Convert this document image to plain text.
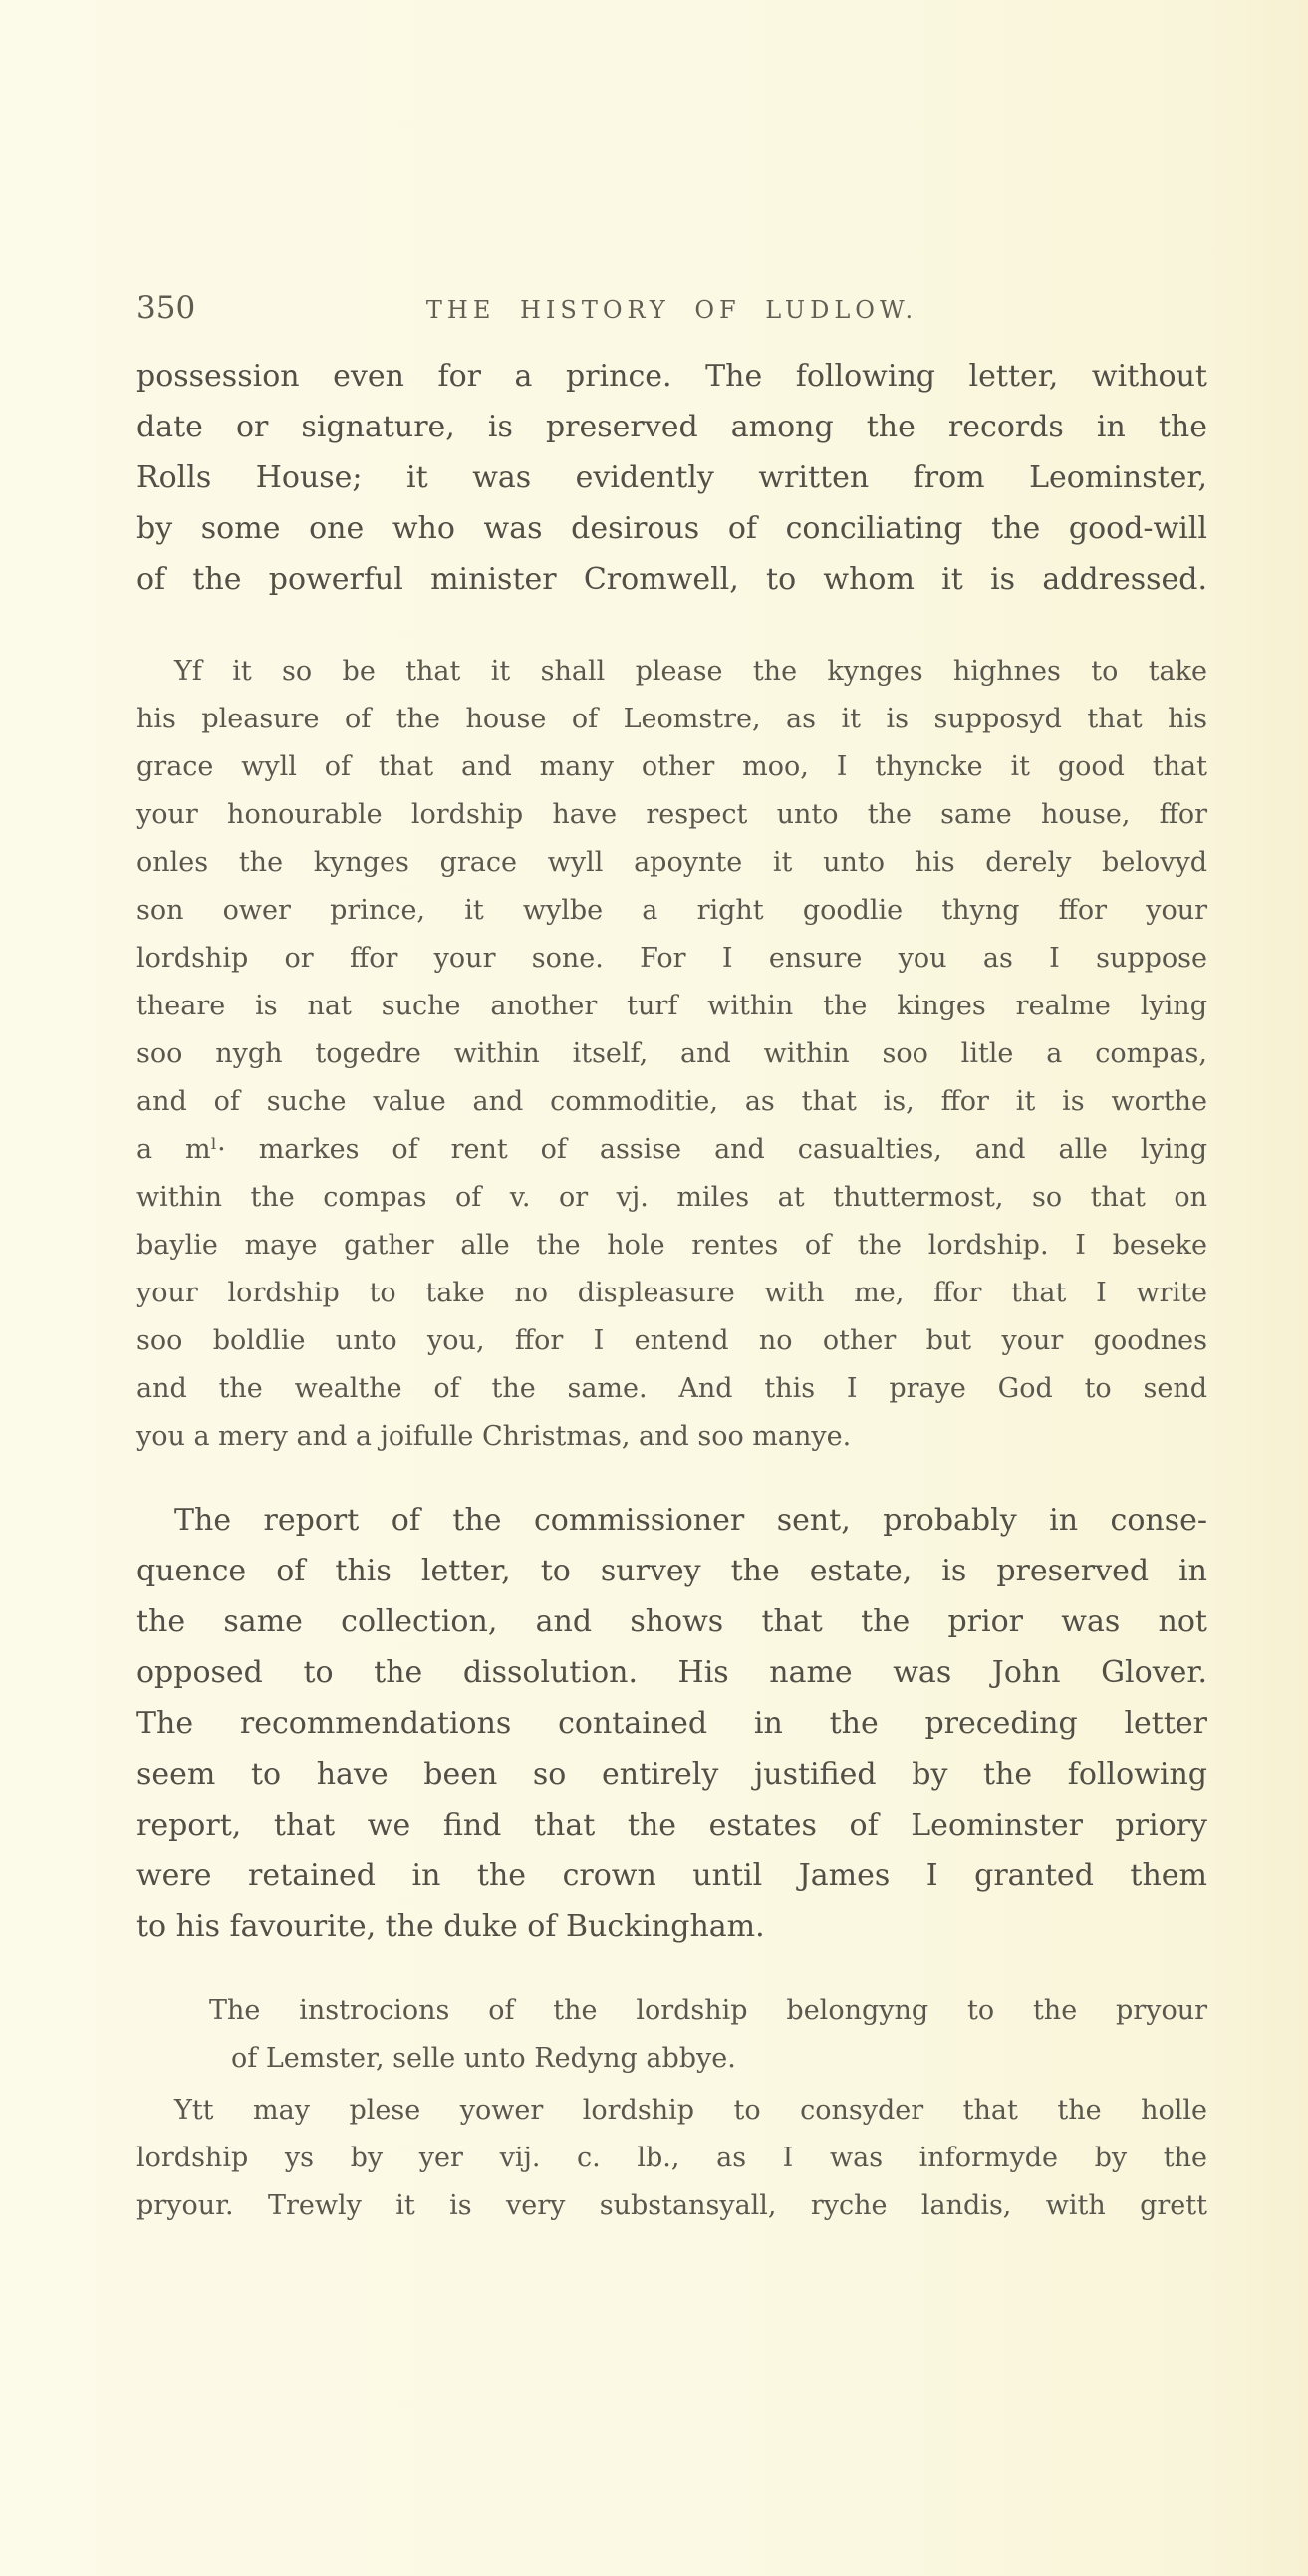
350	THE HISTORY OF LUDLOW.
possession even for a prince. The following letter, without
date or signature, is preserved among the records in the
Rolls House; it was evidently written from Leominster,
by some one who was desirous of conciliating the good-will
of the powerful minister Cromwell, to whom it is addressed.
Yf it so be that it shall please the kynges highnes to take
his pleasure of the house of Leomstre, as it is supposyd that his
grace wyll of that and many other moo, I thyncke it good that
your honourable lordship have respect unto the same house, ffor
onles the kynges grace wyll apoynte it unto his derely belovyd
son ower prince, it wylbe a right goodlie thyng ffor your
lordship or ffor your sone. For I ensure you as I suppose
theare is nat suche another turf within the kinges realme lying
soo nygh togedre within itself, and within soo litle a compas,
and of suche value and commoditie, as that is, ffor it is worthe
a mˡ· markes of rent of assise and casualties, and alle lying
within the compas of v. or vj. miles at thuttermost, so that on
baylie maye gather alle the hole rentes of the lordship. I beseke
your lordship to take no displeasure with me, ffor that I write
soo boldlie unto you, ffor I entend no other but your goodnes
and the wealthe of the same. And this I praye God to send
you a mery and a joifulle Christmas, and soo manye.
The report of the commissioner sent, probably in conse-
quence of this letter, to survey the estate, is preserved in
the same collection, and shows that the prior was not
opposed to the dissolution. His name was John Glover.
The recommendations contained in the preceding letter
seem to have been so entirely justified by the following
report, that we find that the estates of Leominster priory
were retained in the crown until James I granted them
to his favourite, the duke of Buckingham.
The instrocions of the lordship belongyng to the pryour
of Lemster, selle unto Redyng abbye.
Ytt may plese yower lordship to consyder that the holle
lordship ys by yer vij. c. lb., as I was informyde by the
pryour. Trewly it is very substansyall, ryche landis, with grett
